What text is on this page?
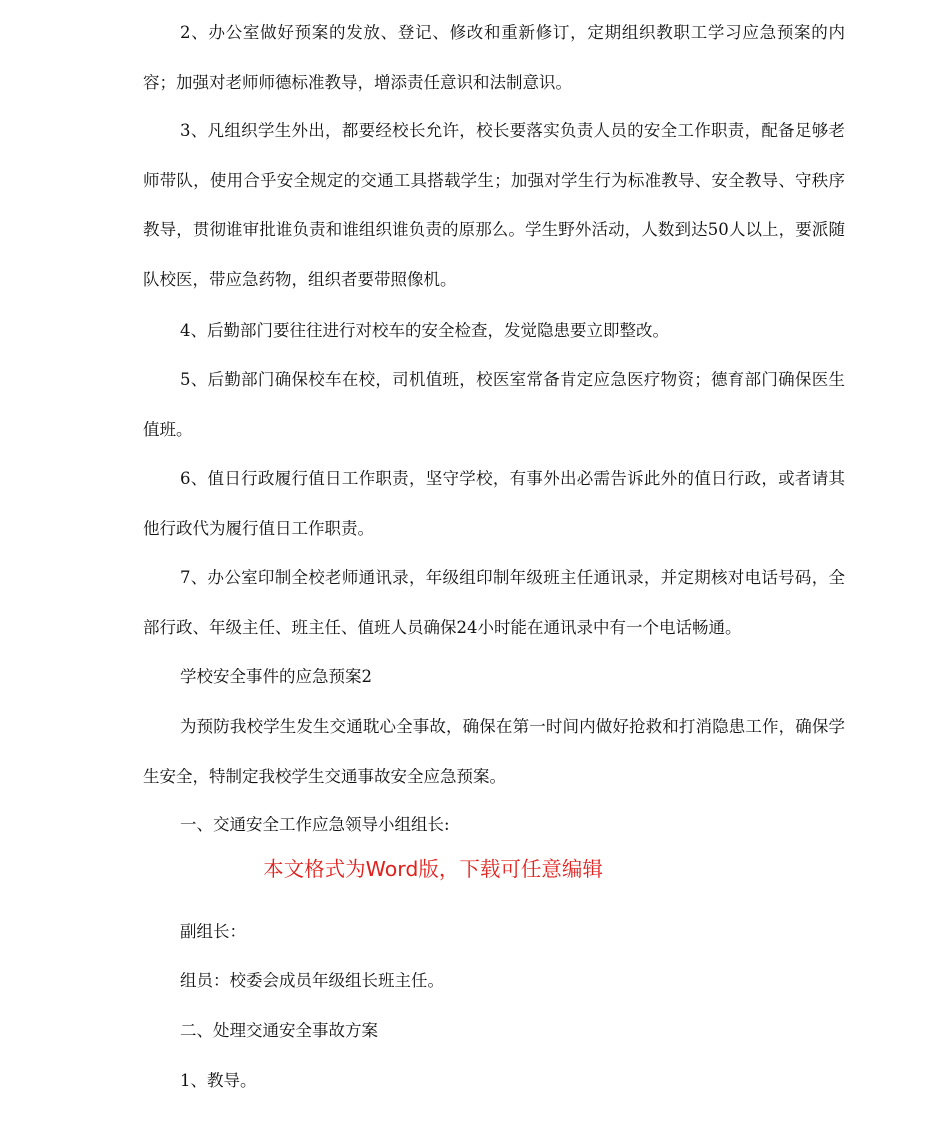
2、办公室做好预案的发放、登记、修改和重新修订，定期组织教职工学习应急预案的内容；加强对老师师德标准教导，增添责任意识和法制意识。

3、凡组织学生外出，都要经校长允许，校长要落实负责人员的安全工作职责，配备足够老师带队，使用合乎安全规定的交通工具搭载学生；加强对学生行为标准教导、安全教导、守秩序教导，贯彻谁审批谁负责和谁组织谁负责的原那么。学生野外活动，人数到达50人以上，要派随队校医，带应急药物，组织者要带照像机。

4、后勤部门要往往进行对校车的安全检查，发觉隐患要立即整改。

5、后勤部门确保校车在校，司机值班，校医室常备肯定应急医疗物资；德育部门确保医生值班。

6、值日行政履行值日工作职责，坚守学校，有事外出必需告诉此外的值日行政，或者请其他行政代为履行值日工作职责。

7、办公室印制全校老师通讯录，年级组印制年级班主任通讯录，并定期核对电话号码，全部行政、年级主任、班主任、值班人员确保24小时能在通讯录中有一个电话畅通。

学校安全事件的应急预案2

为预防我校学生发生交通耽心全事故，确保在第一时间内做好抢救和打消隐患工作，确保学生安全，特制定我校学生交通事故安全应急预案。

一、交通安全工作应急领导小组组长:

本文格式为Word版，下载可任意编辑

副组长：

组员：校委会成员年级组长班主任。

二、处理交通安全事故方案

1、教导。
